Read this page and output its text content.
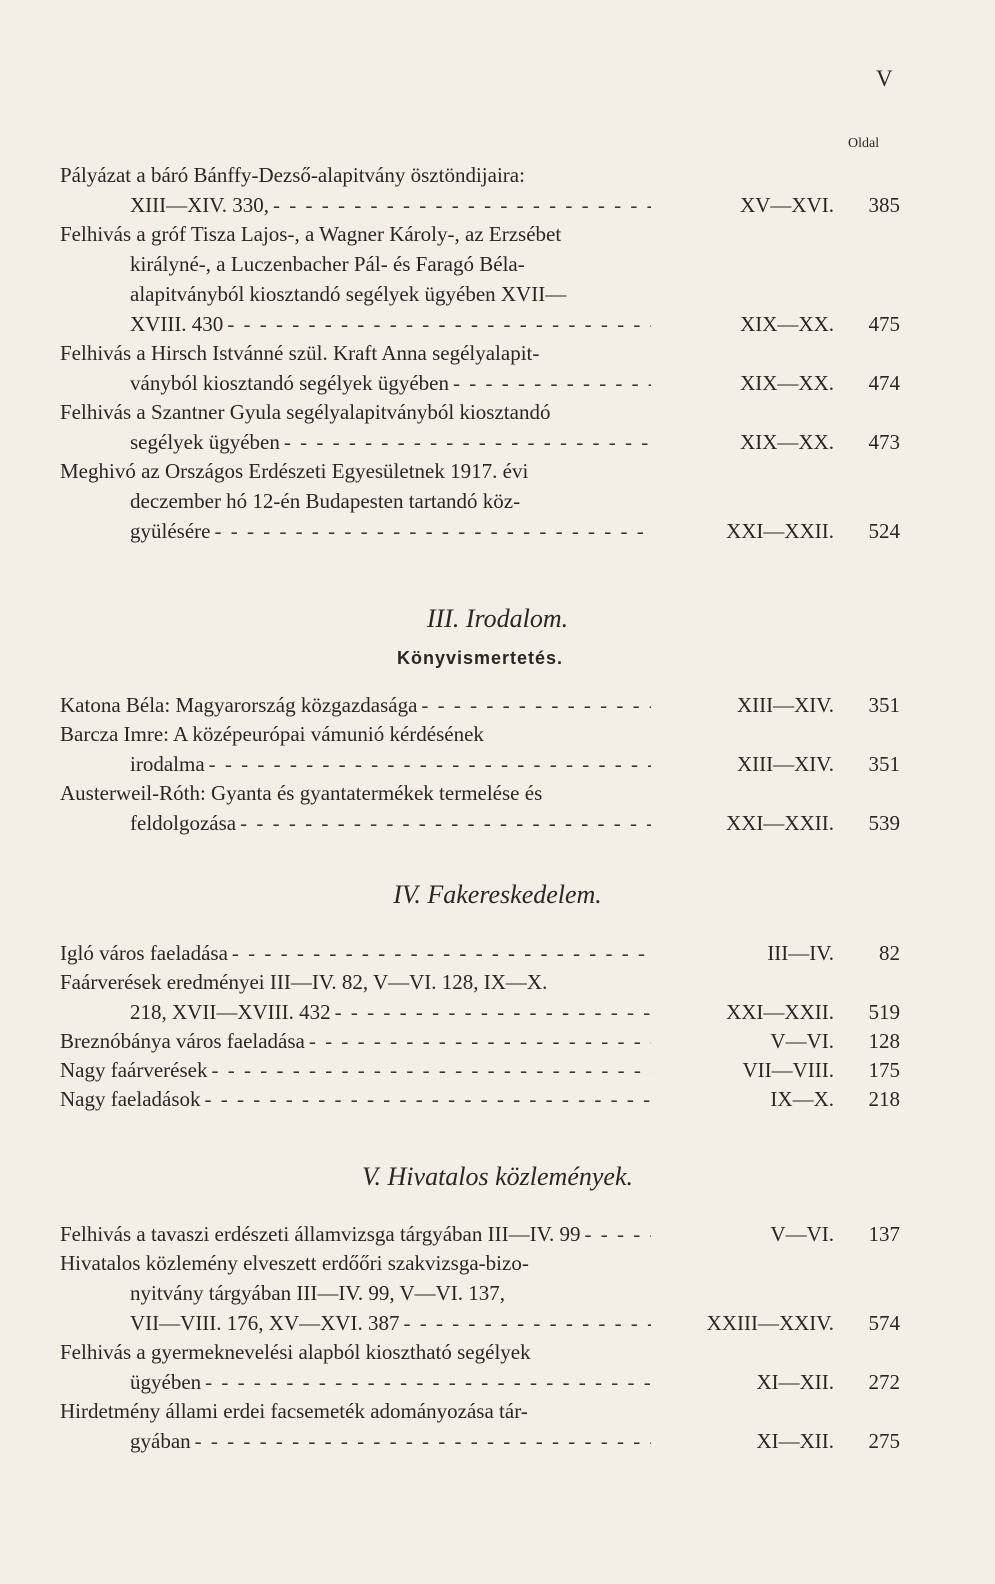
V
Oldal
Pályázat a báró Bánffy-Dezső-alapitvány ösztöndijaira:
XIII—XIV. 330, - - -	XV—XVI.	385
Felhivás a gróf Tisza Lajos-, a Wagner Károly-, az Erzsébet
királyné-, a Luczenbacher Pál- és Faragó Béla-
alapitványból kiosztandó segélyek ügyében XVII—
XVIII. 430 - - -	XIX—XX.	475
Felhivás a Hirsch Istvánné szül. Kraft Anna segélyalapit-
ványból kiosztandó segélyek ügyében - - -	XIX—XX.	474
Felhivás a Szantner Gyula segélyalapitványból kiosztandó
segélyek ügyében - - -	XIX—XX.	473
Meghivó az Országos Erdészeti Egyesületnek 1917. évi
deczember hó 12-én Budapesten tartandó köz-
gyülésére - - -	XXI—XXII.	524
III. Irodalom.
Könyvismertetés.
Katona Béla: Magyarország közgazdasága - - -	XIII—XIV.	351
Barcza Imre: A középeurópai vámunió kérdésének
irodalma - - -	XIII—XIV.	351
Austerweil-Róth: Gyanta és gyantatermékek termelése és
feldolgozása - - -	XXI—XXII.	539
IV. Fakereskedelem.
Igló város faeladása - - -	III—IV.	82
Faárverések eredményei III—IV. 82, V—VI. 128, IX—X.
218, XVII—XVIII. 432 - - -	XXI—XXII.	519
Breznóbánya város faeladása - - -	V—VI.	128
Nagy faárverések - - -	VII—VIII.	175
Nagy faeladások - - -	IX—X.	218
V. Hivatalos közlemények.
Felhivás a tavaszi erdészeti államvizsga tárgyában III—IV. 99 - - -	V—VI.	137
Hivatalos közlemény elveszett erdőőri szakvizsga-bizo-
nyitvány tárgyában III—IV. 99, V—VI. 137,
VII—VIII. 176, XV—XVI. 387 - - -	XXIII—XXIV.	574
Felhivás a gyermeknevelési alapból kiosztható segélyek
ügyében - - -	XI—XII.	272
Hirdetmény állami erdei facsemeték adományozása tár-
gyában - - -	XI—XII.	275
